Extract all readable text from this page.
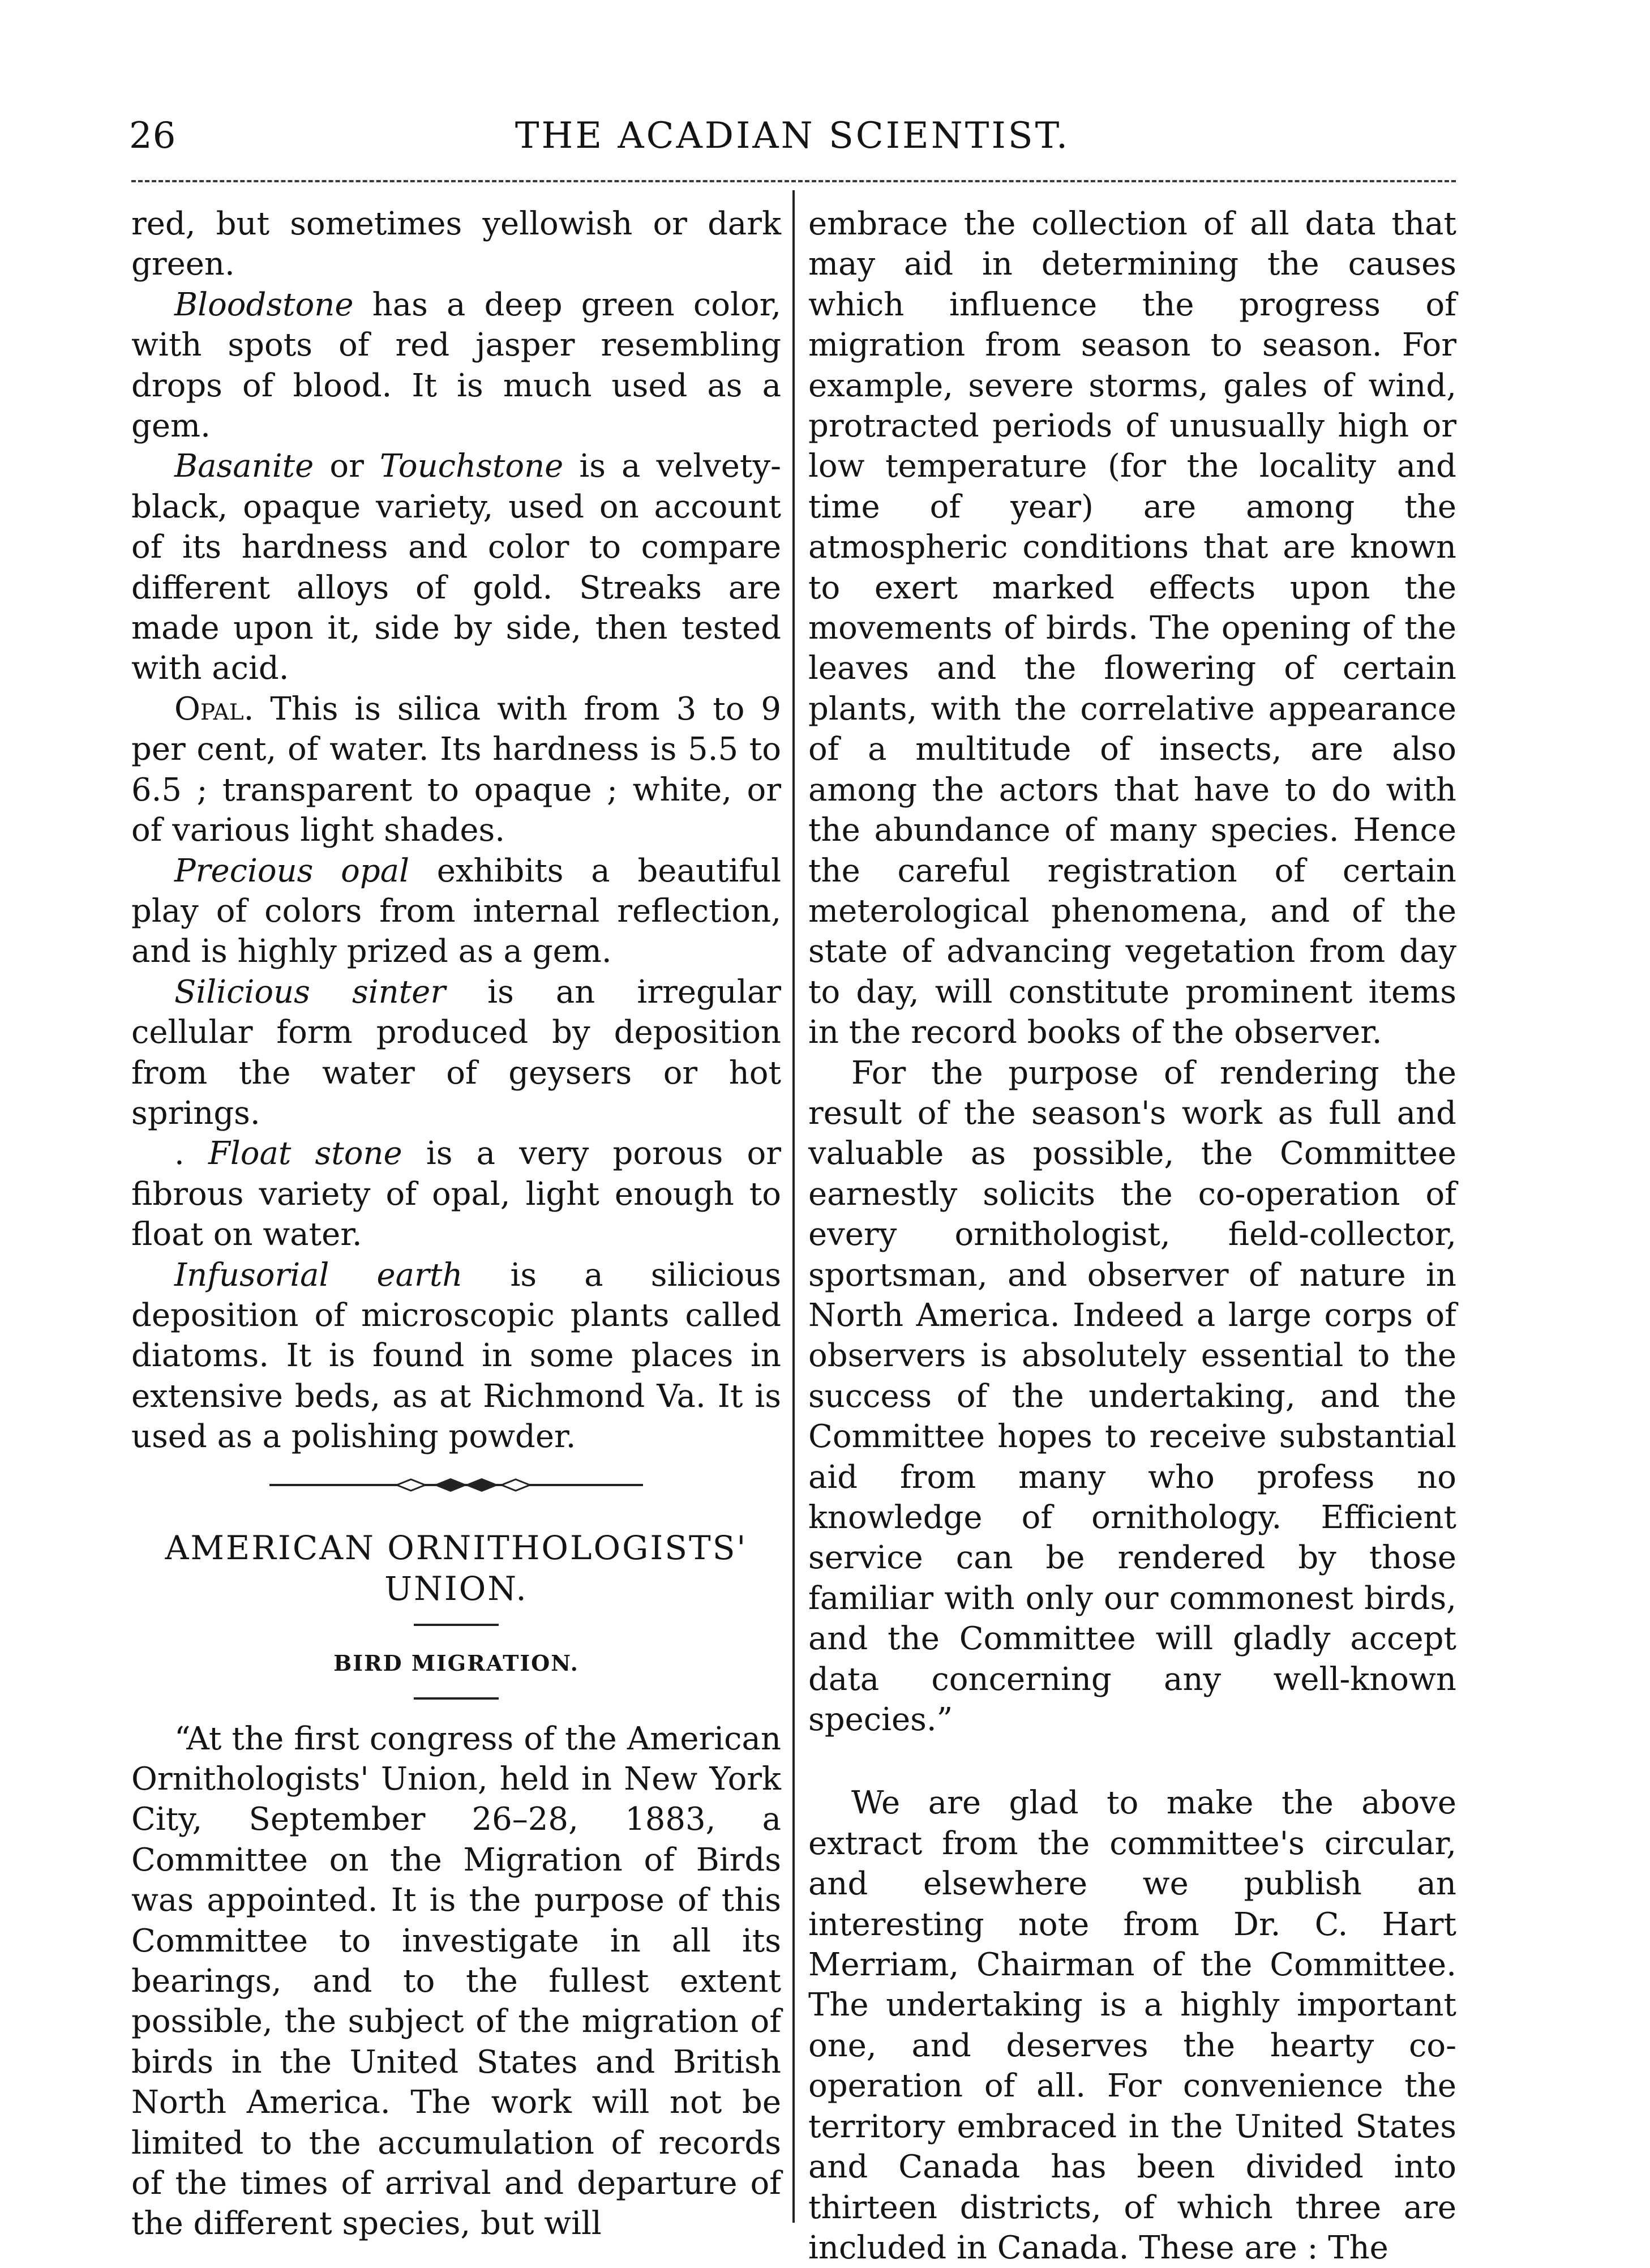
26	THE ACADIAN SCIENTIST.

red, but sometimes yellowish or dark green.

Bloodstone has a deep green color, with spots of red jasper resembling drops of blood. It is much used as a gem.

Basanite or Touchstone is a velvety-black, opaque variety, used on account of its hardness and color to compare different alloys of gold. Streaks are made upon it, side by side, then tested with acid.

Opal. This is silica with from 3 to 9 per cent, of water. Its hardness is 5.5 to 6.5 ; transparent to opaque ; white, or of various light shades.

Precious opal exhibits a beautiful play of colors from internal reflection, and is highly prized as a gem.

Silicious sinter is an irregular cellular form produced by deposition from the water of geysers or hot springs.

. Float stone is a very porous or fibrous variety of opal, light enough to float on water.

Infusorial earth is a silicious deposition of microscopic plants called diatoms. It is found in some places in extensive beds, as at Richmond Va. It is used as a polishing powder.

AMERICAN ORNITHOLOGISTS' UNION.
BIRD MIGRATION.

“At the first congress of the American Ornithologists' Union, held in New York City, September 26–28, 1883, a Committee on the Migration of Birds was appointed. It is the purpose of this Committee to investigate in all its bearings, and to the fullest extent possible, the subject of the migration of birds in the United States and British North America. The work will not be limited to the accumulation of records of the times of arrival and departure of the different species, but will

embrace the collection of all data that may aid in determining the causes which influence the progress of migration from season to season. For example, severe storms, gales of wind, protracted periods of unusually high or low temperature (for the locality and time of year) are among the atmospheric conditions that are known to exert marked effects upon the movements of birds. The opening of the leaves and the flowering of certain plants, with the correlative appearance of a multitude of insects, are also among the actors that have to do with the abundance of many species. Hence the careful registration of certain meterological phenomena, and of the state of advancing vegetation from day to day, will constitute prominent items in the record books of the observer.

For the purpose of rendering the result of the season's work as full and valuable as possible, the Committee earnestly solicits the co-operation of every ornithologist, field-collector, sportsman, and observer of nature in North America. Indeed a large corps of observers is absolutely essential to the success of the undertaking, and the Committee hopes to receive substantial aid from many who profess no knowledge of ornithology. Efficient service can be rendered by those familiar with only our commonest birds, and the Committee will gladly accept data concerning any well-known species.”

We are glad to make the above extract from the committee's circular, and elsewhere we publish an interesting note from Dr. C. Hart Merriam, Chairman of the Committee. The undertaking is a highly important one, and deserves the hearty co-operation of all. For convenience the territory embraced in the United States and Canada has been divided into thirteen districts, of which three are included in Canada. These are : The
